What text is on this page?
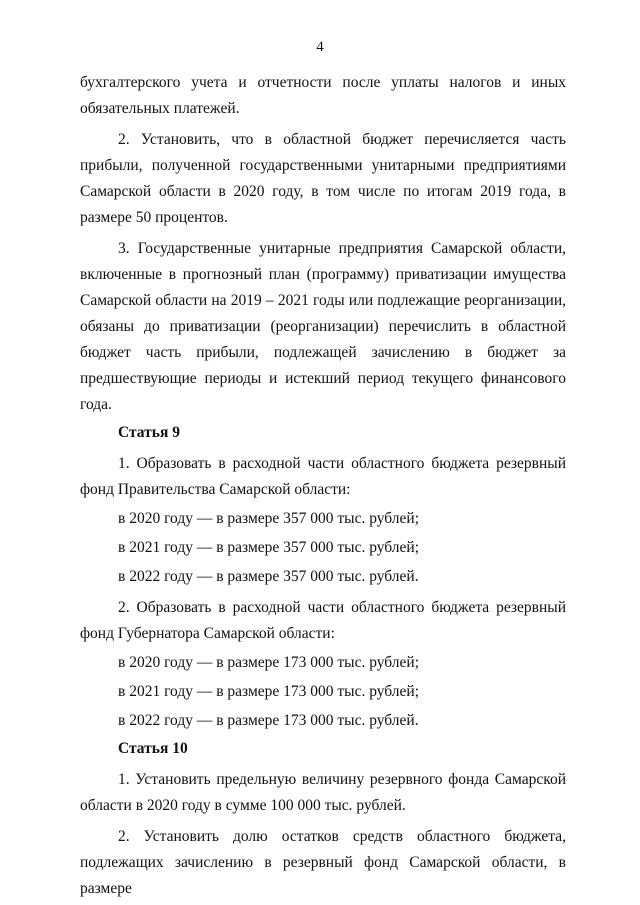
4

бухгалтерского учета и отчетности после уплаты налогов и иных обязательных платежей.

2. Установить, что в областной бюджет перечисляется часть прибыли, полученной государственными унитарными предприятиями Самарской области в 2020 году, в том числе по итогам 2019 года, в размере 50 процентов.

3. Государственные унитарные предприятия Самарской области, включенные в прогнозный план (программу) приватизации имущества Самарской области на 2019 – 2021 годы или подлежащие реорганизации, обязаны до приватизации (реорганизации) перечислить в областной бюджет часть прибыли, подлежащей зачислению в бюджет за предшествующие периоды и истекший период текущего финансового года.

Статья 9

1. Образовать в расходной части областного бюджета резервный фонд Правительства Самарской области:

в 2020 году — в размере 357 000 тыс. рублей;

в 2021 году — в размере 357 000 тыс. рублей;

в 2022 году — в размере 357 000 тыс. рублей.

2. Образовать в расходной части областного бюджета резервный фонд Губернатора Самарской области:

в 2020 году — в размере 173 000 тыс. рублей;

в 2021 году — в размере 173 000 тыс. рублей;

в 2022 году — в размере 173 000 тыс. рублей.

Статья 10

1. Установить предельную величину резервного фонда Самарской области в 2020 году в сумме 100 000 тыс. рублей.

2. Установить долю остатков средств областного бюджета, подлежащих зачислению в резервный фонд Самарской области, в размере
